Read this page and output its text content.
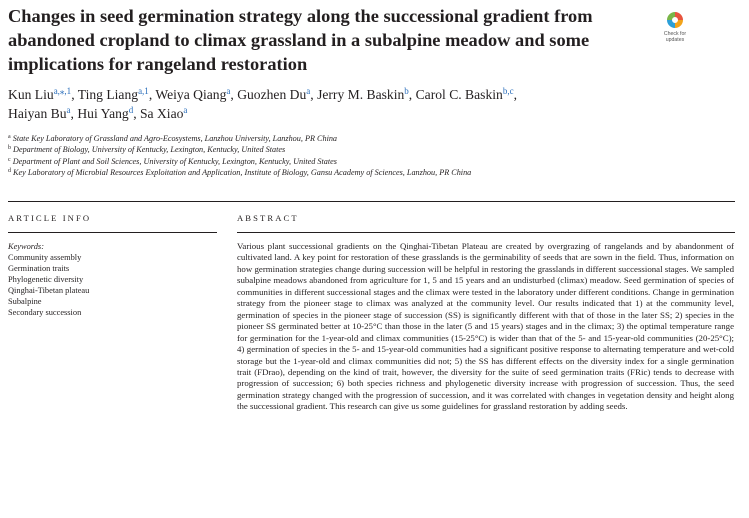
Changes in seed germination strategy along the successional gradient from abandoned cropland to climax grassland in a subalpine meadow and some implications for rangeland restoration
Check for
updates
Kun Liu$^{a,⁎,1}$, Ting Liang$^{a,1}$, Weiya Qiang$^a$, Guozhen Du$^a$, Jerry M. Baskin$^b$, Carol C. Baskin$^{b,c}$,
Haiyan Bu$^a$, Hui Yang$^d$, Sa Xiao$^a$
$^a$ State Key Laboratory of Grassland and Agro-Ecosystems, Lanzhou University, Lanzhou, PR China
$^b$ Department of Biology, University of Kentucky, Lexington, Kentucky, United States
$^c$ Department of Plant and Soil Sciences, University of Kentucky, Lexington, Kentucky, United States
$^d$ Key Laboratory of Microbial Resources Exploitation and Application, Institute of Biology, Gansu Academy of Sciences, Lanzhou, PR China
ARTICLE INFO	ABSTRACT
Keywords:
Community assembly
Germination traits
Phylogenetic diversity
Qinghai-Tibetan plateau
Subalpine
Secondary succession
Various plant successional gradients on the Qinghai-Tibetan Plateau are created by overgrazing of rangelands and by abandonment of cultivated land. A key point for restoration of these grasslands is the germinability of seeds that are sown in the field. Thus, information on how germination strategies change during succession will be helpful in restoring the grasslands in different successional stages. We sampled subalpine meadows abandoned from agriculture for 1, 5 and 15 years and an undisturbed (climax) meadow. Seed germination of species of communities in different successional stages and the climax were tested in the laboratory under different conditions. Change in germination strategy from the pioneer stage to climax was analyzed at the community level. Our results indicated that 1) at the community level, germination of species in the pioneer stage of succession (SS) is significantly different with that of those in the later SS; 2) species in the pioneer SS germinated better at 10-25°C than those in the later (5 and 15 years) stages and in the climax; 3) the optimal temperature range for germination for the 1-year-old and climax communities (15-25°C) is wider than that of the 5- and 15-year-old communities (20-25°C); 4) germination of species in the 5- and 15-year-old communities had a significant positive response to alternating temperature and wet-cold storage but the 1-year-old and climax communities did not; 5) the SS has different effects on the diversity index for a single germination trait (FDrao), depending on the kind of trait, however, the diversity for the suite of seed germination traits (FRic) tends to decrease with progression of succession; 6) both species richness and phylogenetic diversity increase with progression of succession. Thus, the seed germination strategy changed with the progression of succession, and it was correlated with changes in vegetation density and height along the successional gradient. This research can give us some guidelines for grassland restoration by adding seeds.
